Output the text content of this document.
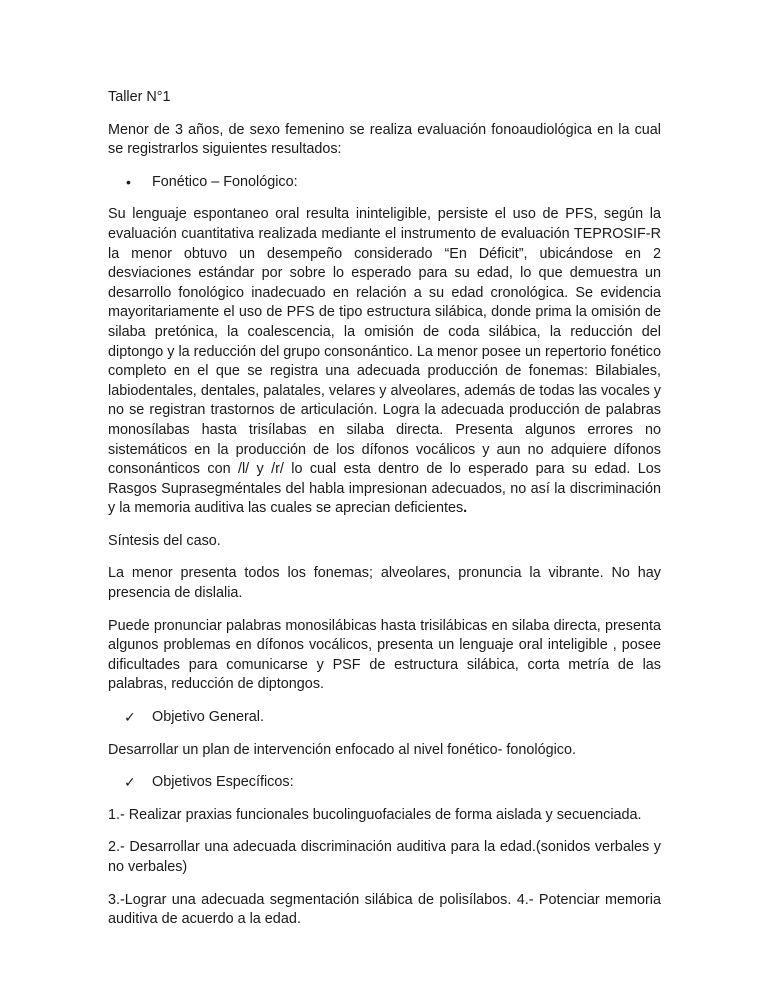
Taller N°1

Menor de 3 años, de sexo femenino se realiza evaluación fonoaudiológica en la cual se registrarlos siguientes resultados:

• Fonético – Fonológico:

Su lenguaje espontaneo oral resulta ininteligible, persiste el uso de PFS, según la evaluación cuantitativa realizada mediante el instrumento de evaluación TEPROSIF-R la menor obtuvo un desempeño considerado “En Déficit”, ubicándose en 2 desviaciones estándar por sobre lo esperado para su edad, lo que demuestra un desarrollo fonológico inadecuado en relación a su edad cronológica. Se evidencia mayoritariamente el uso de PFS de tipo estructura silábica, donde prima la omisión de silaba pretónica, la coalescencia, la omisión de coda silábica, la reducción del diptongo y la reducción del grupo consonántico. La menor posee un repertorio fonético completo en el que se registra una adecuada producción de fonemas: Bilabiales, labiodentales, dentales, palatales, velares y alveolares, además de todas las vocales y no se registran trastornos de articulación. Logra la adecuada producción de palabras monosílabas hasta trisílabas en silaba directa. Presenta algunos errores no sistemáticos en la producción de los dífonos vocálicos y aun no adquiere dífonos consonánticos con /l/ y /r/ lo cual esta dentro de lo esperado para su edad. Los Rasgos Suprasegméntales del habla impresionan adecuados, no así la discriminación y la memoria auditiva las cuales se aprecian deficientes.

Síntesis del caso.

La menor presenta todos los fonemas; alveolares, pronuncia la vibrante. No hay presencia de dislalia.

Puede pronunciar palabras monosilábicas hasta trisilábicas en silaba directa, presenta algunos problemas en dífonos vocálicos, presenta un lenguaje oral inteligible , posee dificultades para comunicarse y PSF de estructura silábica, corta metría de las palabras, reducción de diptongos.

✓ Objetivo General.

Desarrollar un plan de intervención enfocado al nivel fonético- fonológico.

✓ Objetivos Específicos:

1.- Realizar praxias funcionales bucolinguofaciales de forma aislada y secuenciada.

2.- Desarrollar una adecuada discriminación auditiva para la edad.(sonidos verbales y no verbales)

3.-Lograr una adecuada segmentación silábica de polisílabos. 4.- Potenciar memoria auditiva de acuerdo a la edad.
